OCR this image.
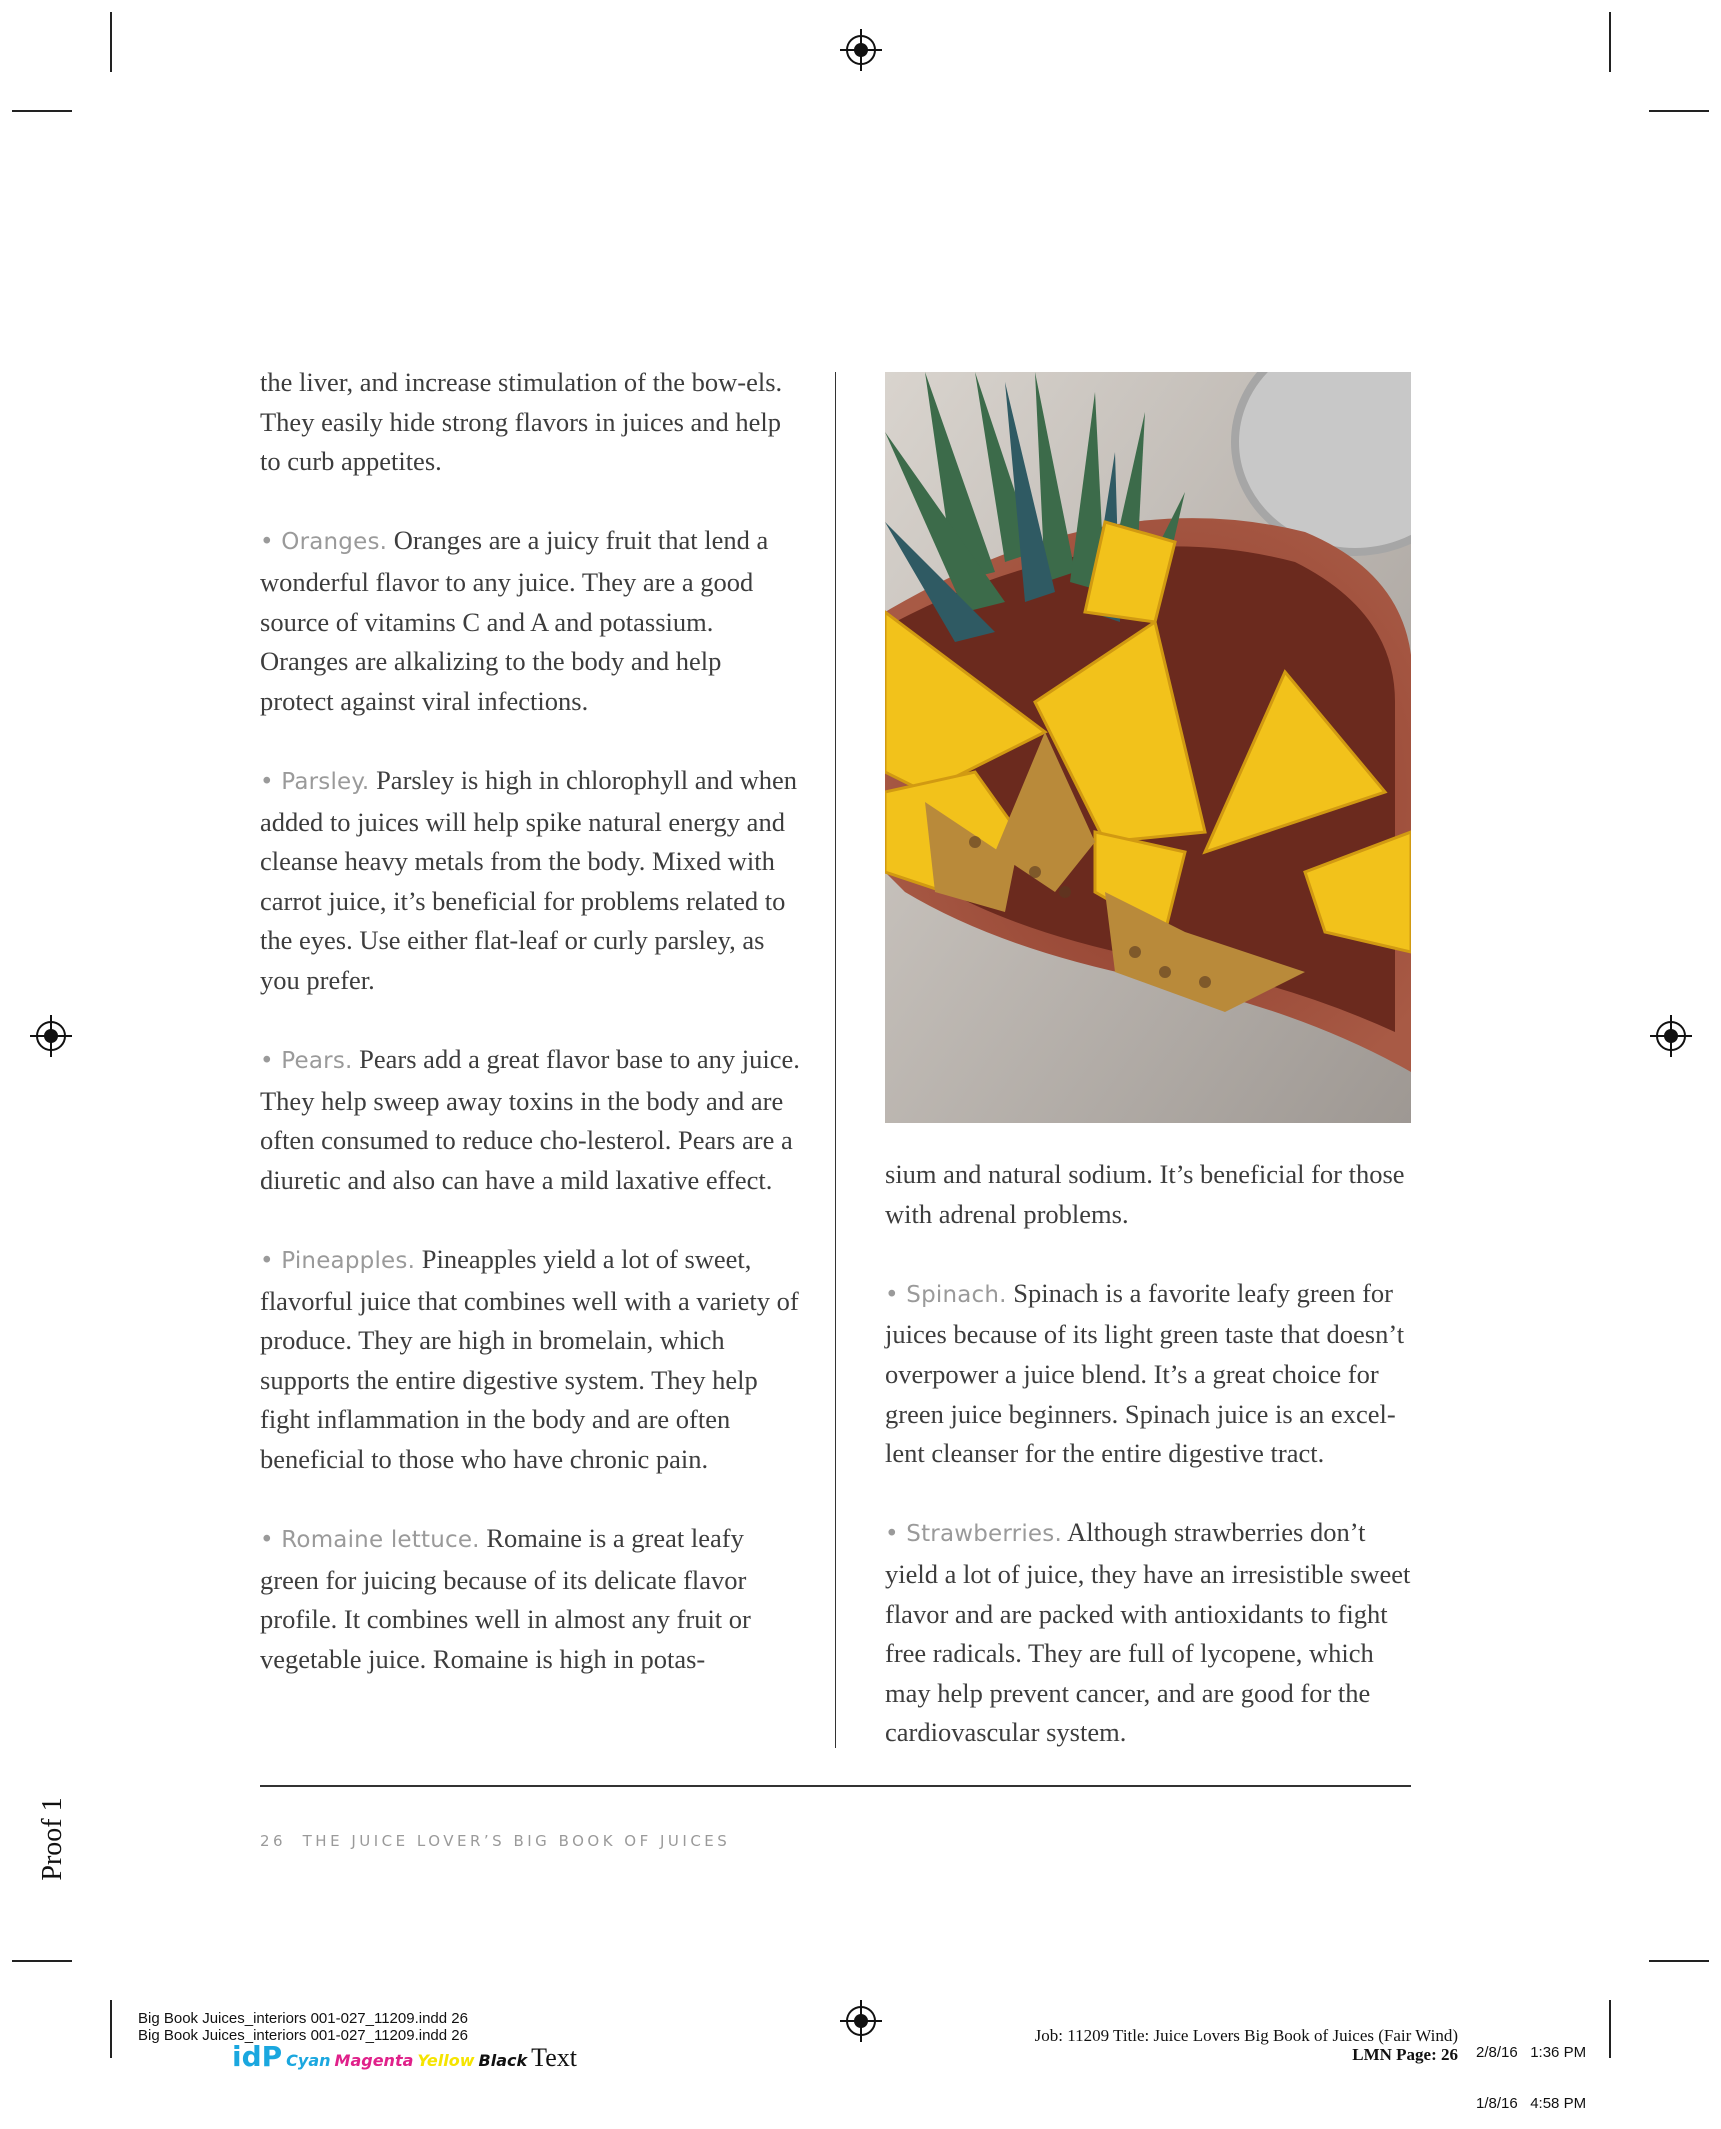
the liver, and increase stimulation of the bow-els. They easily hide strong flavors in juices and help to curb appetites.

• Oranges. Oranges are a juicy fruit that lend a wonderful flavor to any juice. They are a good source of vitamins C and A and potassium. Oranges are alkalizing to the body and help protect against viral infections.

• Parsley. Parsley is high in chlorophyll and when added to juices will help spike natural energy and cleanse heavy metals from the body. Mixed with carrot juice, it’s beneficial for problems related to the eyes. Use either flat-leaf or curly parsley, as you prefer.

• Pears. Pears add a great flavor base to any juice. They help sweep away toxins in the body and are often consumed to reduce cho-lesterol. Pears are a diuretic and also can have a mild laxative effect.

• Pineapples. Pineapples yield a lot of sweet, flavorful juice that combines well with a variety of produce. They are high in bromelain, which supports the entire digestive system. They help fight inflammation in the body and are often beneficial to those who have chronic pain.

• Romaine lettuce. Romaine is a great leafy green for juicing because of its delicate flavor profile. It combines well in almost any fruit or vegetable juice. Romaine is high in potas-

sium and natural sodium. It’s beneficial for those with adrenal problems.

• Spinach. Spinach is a favorite leafy green for juices because of its light green taste that doesn’t overpower a juice blend. It’s a great choice for green juice beginners. Spinach juice is an excel-lent cleanser for the entire digestive tract.

• Strawberries. Although strawberries don’t yield a lot of juice, they have an irresistible sweet flavor and are packed with antioxidants to fight free radicals. They are full of lycopene, which may help prevent cancer, and are good for the cardiovascular system.

26 THE JUICE LOVER’S BIG BOOK OF JUICES
Proof 1
Big Book Juices_interiors 001-027_11209.indd 26
Big Book Juices_interiors 001-027_11209.indd 26
idP Cyan Magenta Yellow Black Text
Job: 11209 Title: Juice Lovers Big Book of Juices (Fair Wind)
LMN Page: 26

2/8/16   1:36 PM

1/8/16   4:58 PM
